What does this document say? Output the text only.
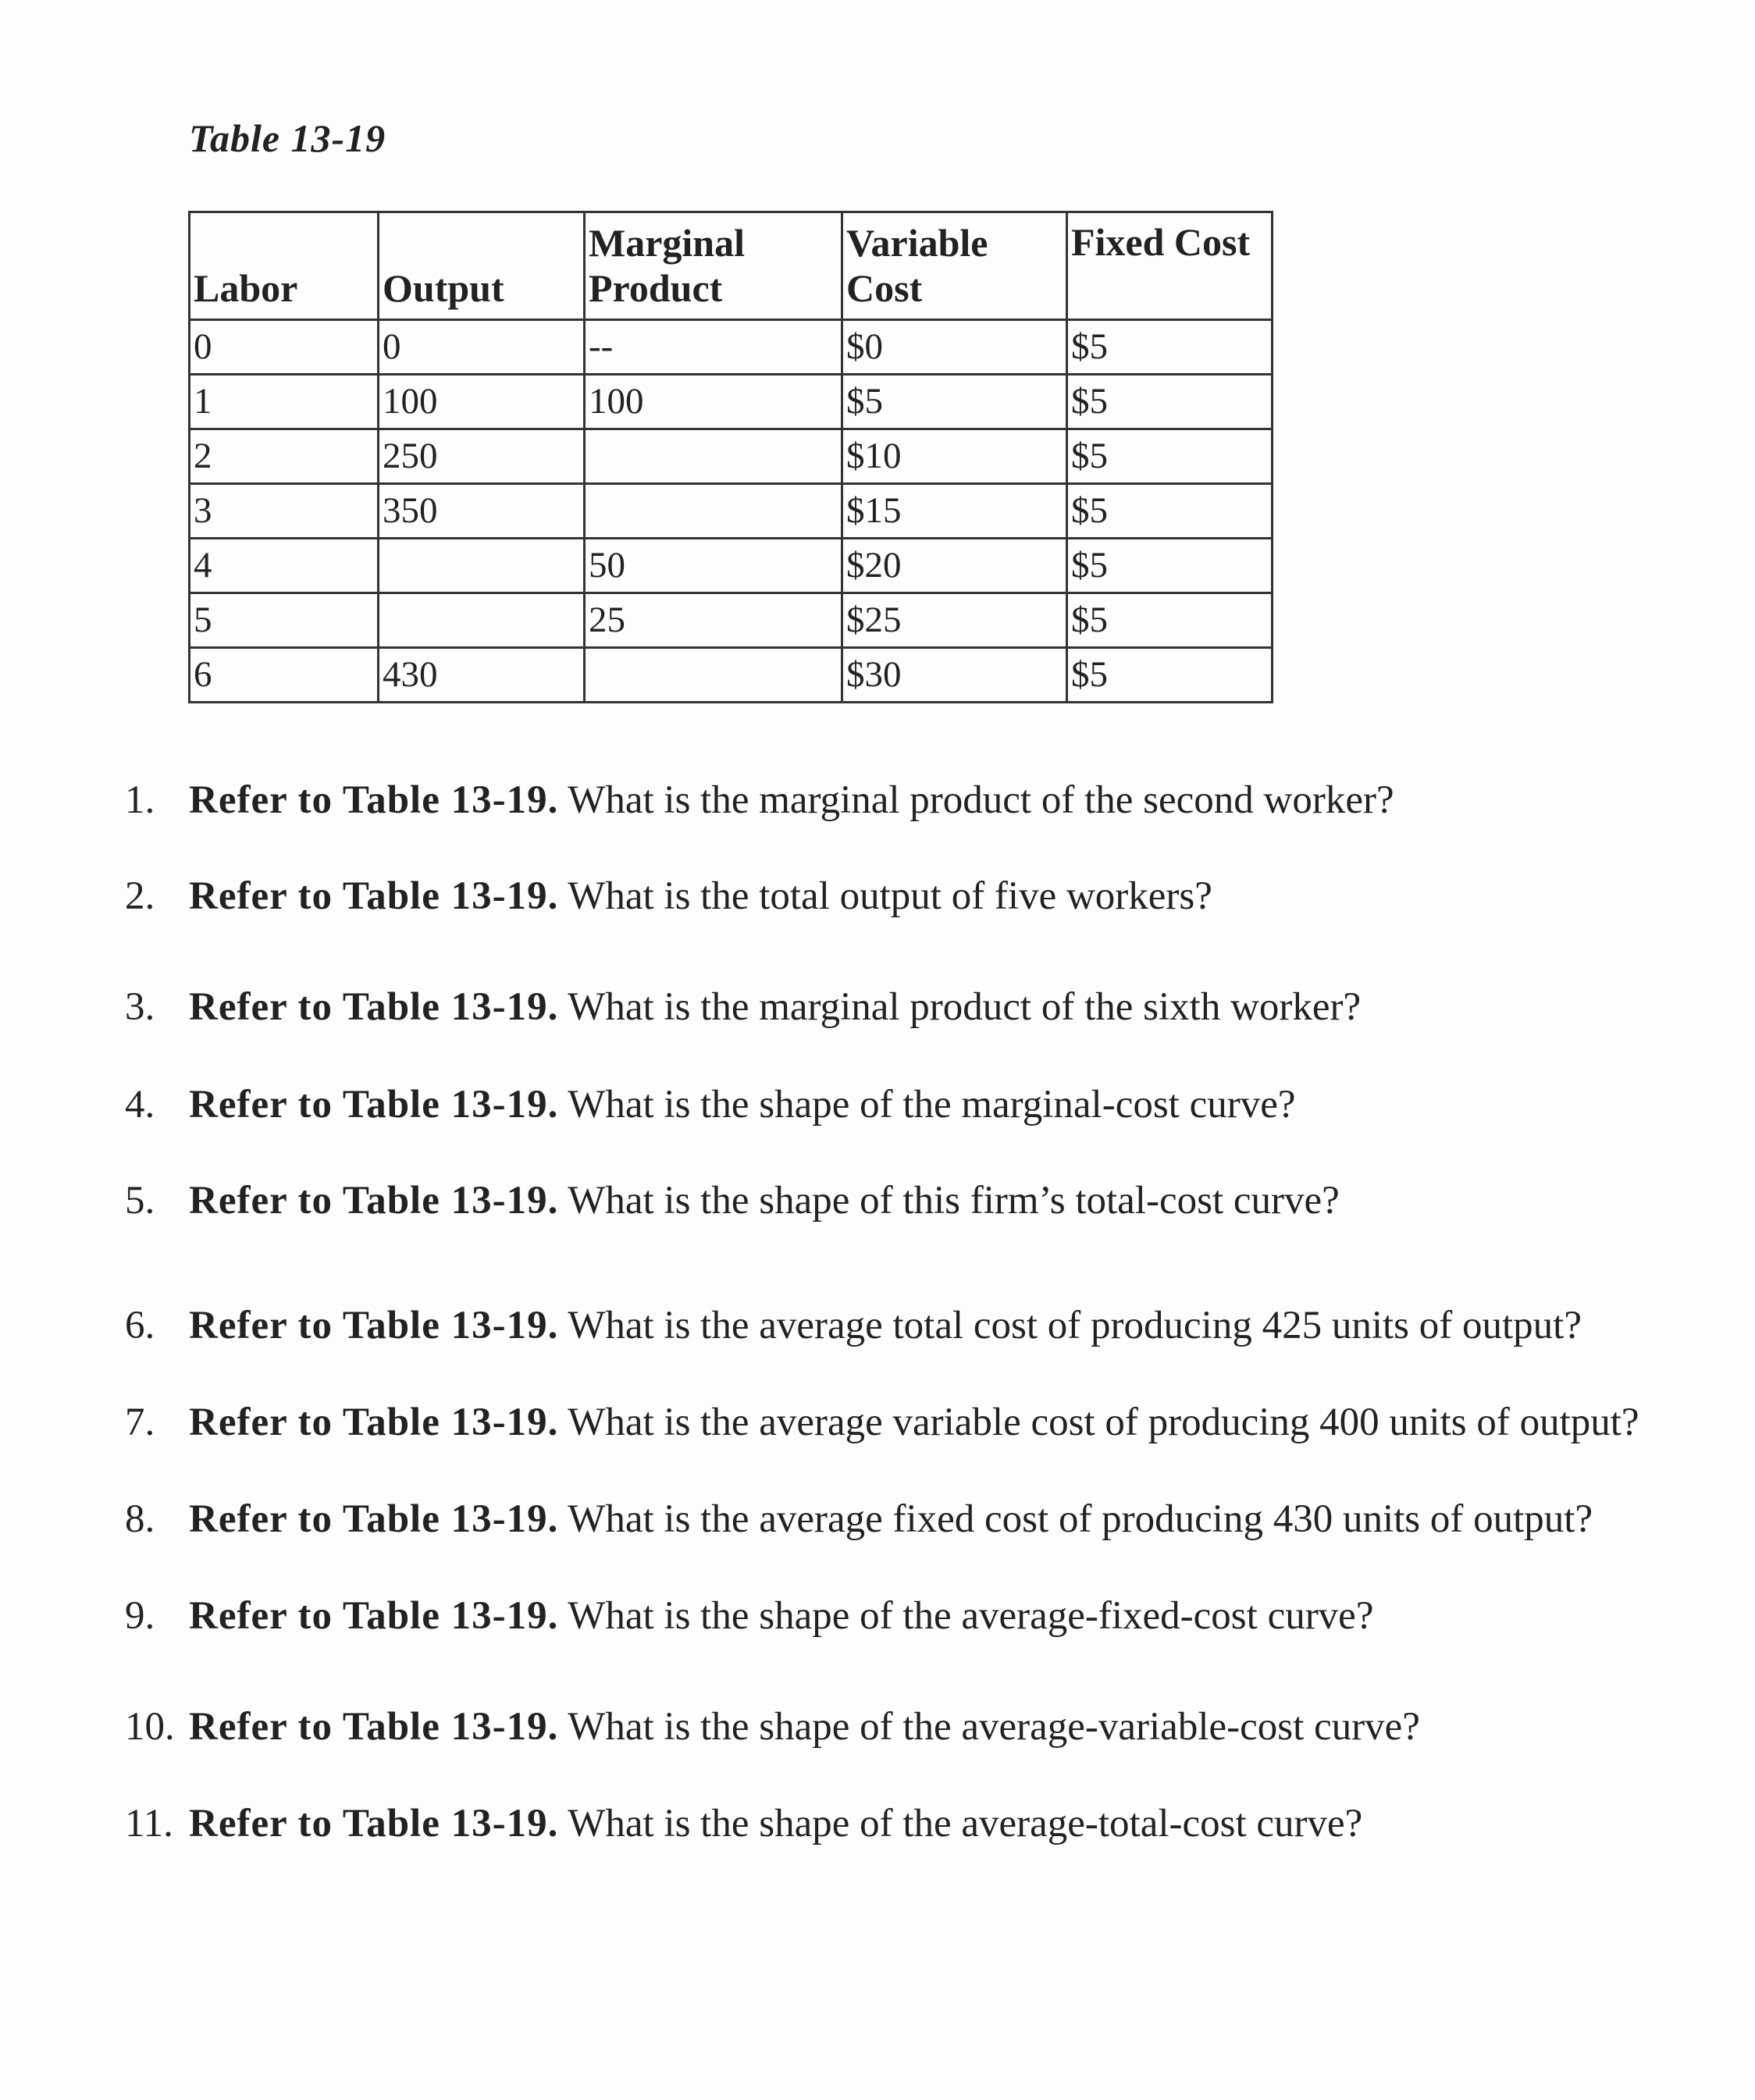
Table 13-19
Labor	Output	Marginal Product	Variable Cost	Fixed Cost
0	0	--	$0	$5
1	100	100	$5	$5
2	250		$10	$5
3	350		$15	$5
4		50	$20	$5
5		25	$25	$5
6	430		$30	$5
1. Refer to Table 13-19. What is the marginal product of the second worker?
2. Refer to Table 13-19. What is the total output of five workers?
3. Refer to Table 13-19. What is the marginal product of the sixth worker?
4. Refer to Table 13-19. What is the shape of the marginal-cost curve?
5. Refer to Table 13-19. What is the shape of this firm’s total-cost curve?
6. Refer to Table 13-19. What is the average total cost of producing 425 units of output?
7. Refer to Table 13-19. What is the average variable cost of producing 400 units of output?
8. Refer to Table 13-19. What is the average fixed cost of producing 430 units of output?
9. Refer to Table 13-19. What is the shape of the average-fixed-cost curve?
10. Refer to Table 13-19. What is the shape of the average-variable-cost curve?
11. Refer to Table 13-19. What is the shape of the average-total-cost curve?
